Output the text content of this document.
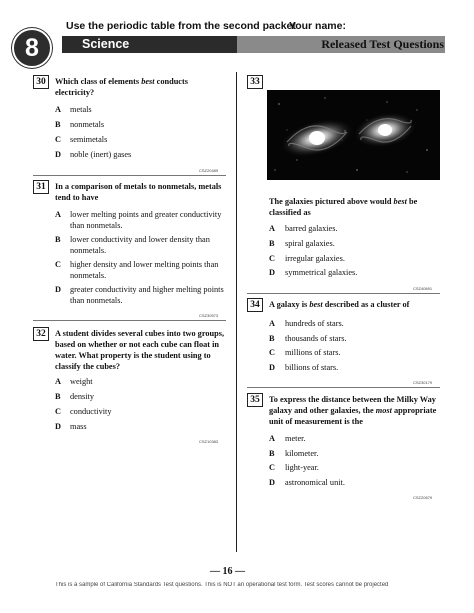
Use the periodic table from the second packet
Your name:
8	Science	Released Test Questions
30	Which class of elements best conducts electricity?
A metals
B nonmetals
C semimetals
D noble (inert) gases
CSZ20489
31	In a comparison of metals to nonmetals, metals tend to have
A lower melting points and greater conductivity than nonmetals.
B lower conductivity and lower density than nonmetals.
C higher density and lower melting points than nonmetals.
D greater conductivity and higher melting points than nonmetals.
CSZ30573
32	A student divides several cubes into two groups, based on whether or not each cube can float in water. What property is the student using to classify the cubes?
A weight
B density
C conductivity
D mass
CSZ10383
33
The galaxies pictured above would best be classified as
A barred galaxies.
B spiral galaxies.
C irregular galaxies.
D symmetrical galaxies.
CSZ40691
34	A galaxy is best described as a cluster of
A hundreds of stars.
B thousands of stars.
C millions of stars.
D billions of stars.
CSZ30179
35	To express the distance between the Milky Way galaxy and other galaxies, the most appropriate unit of measurement is the
A meter.
B kilometer.
C light-year.
D astronomical unit.
CSZ20679
— 16 —
This is a sample of California Standards Test questions. This is NOT an operational test form. Test scores cannot be projected
